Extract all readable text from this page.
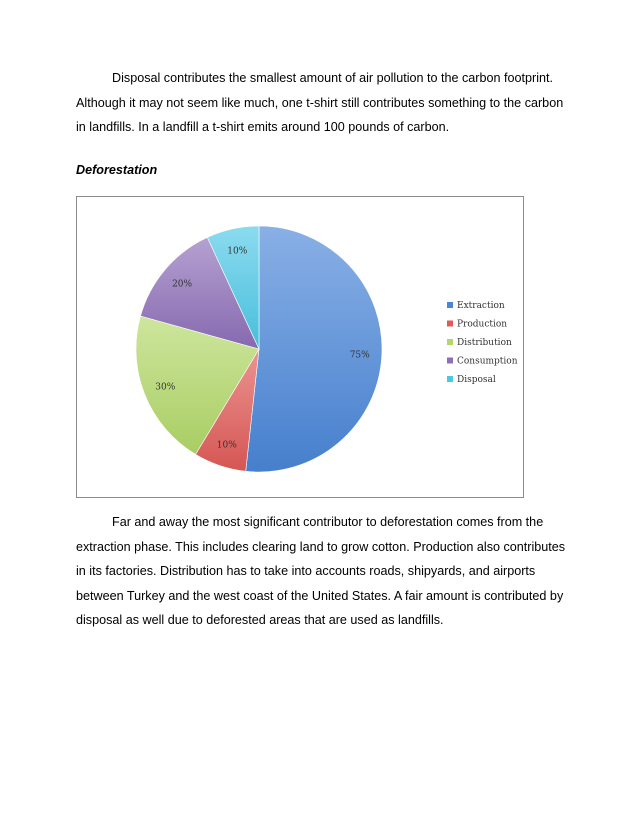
Disposal contributes the smallest amount of air pollution to the carbon footprint.
Although it may not seem like much, one t-shirt still contributes something to the carbon
in landfills. In a landfill a t-shirt emits around 100 pounds of carbon.

Deforestation
75%
10%
30%
20%
10%
Extraction
Production
Distribution
Consumption
Disposal

Far and away the most significant contributor to deforestation comes from the
extraction phase. This includes clearing land to grow cotton. Production also contributes
in its factories. Distribution has to take into accounts roads, shipyards, and airports
between Turkey and the west coast of the United States. A fair amount is contributed by
disposal as well due to deforested areas that are used as landfills.
